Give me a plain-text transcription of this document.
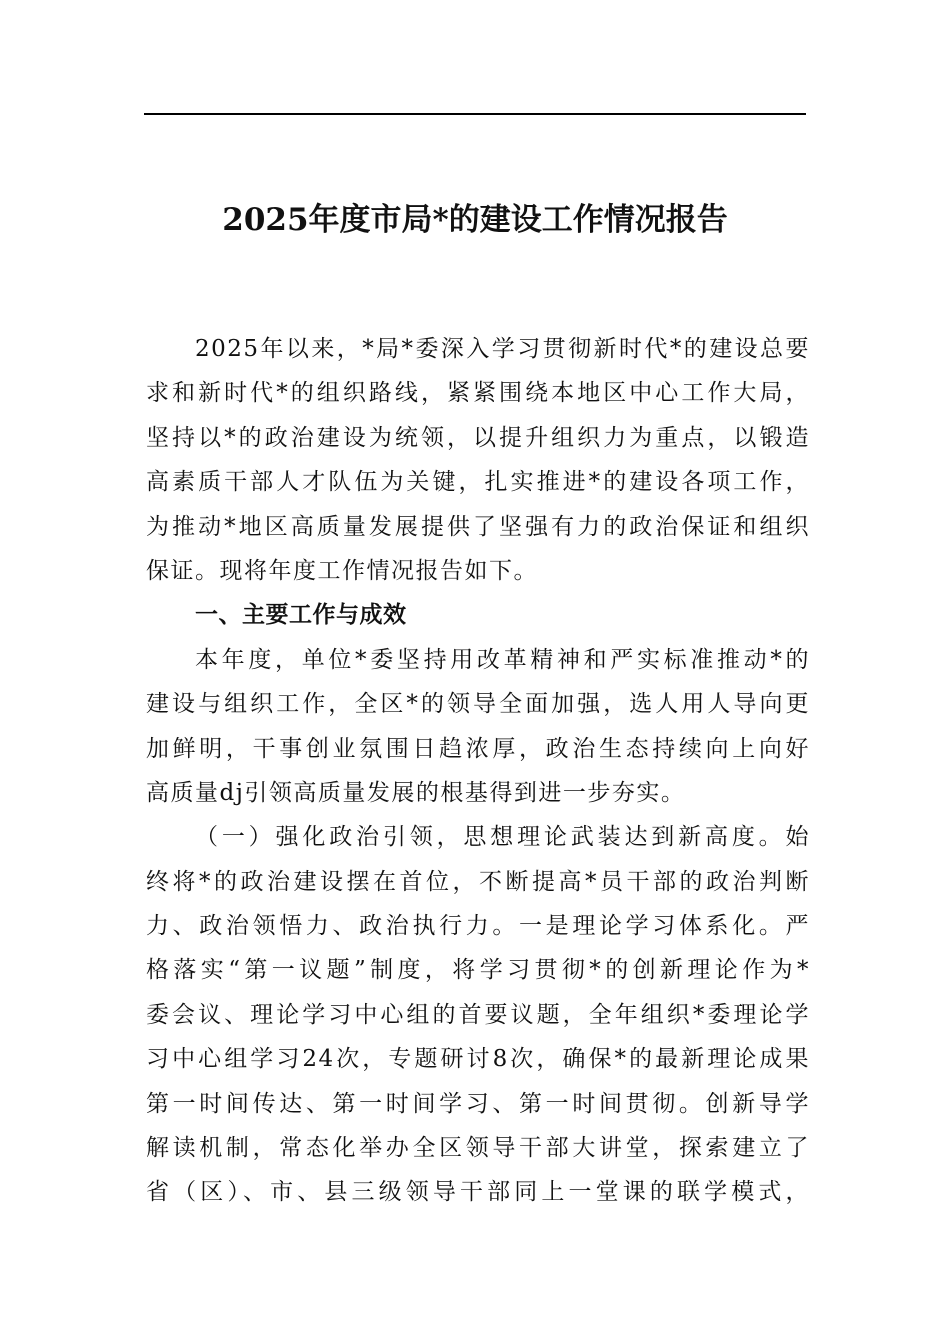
2025年度市局*的建设工作情况报告
2025年以来，*局*委深入学习贯彻新时代*的建设总要
求和新时代*的组织路线，紧紧围绕本地区中心工作大局，
坚持以*的政治建设为统领，以提升组织力为重点，以锻造
高素质干部人才队伍为关键，扎实推进*的建设各项工作，
为推动*地区高质量发展提供了坚强有力的政治保证和组织
保证。现将年度工作情况报告如下。
一、主要工作与成效
本年度，单位*委坚持用改革精神和严实标准推动*的
建设与组织工作，全区*的领导全面加强，选人用人导向更
加鲜明，干事创业氛围日趋浓厚，政治生态持续向上向好
高质量dj引领高质量发展的根基得到进一步夯实。
（一）强化政治引领，思想理论武装达到新高度。始
终将*的政治建设摆在首位，不断提高*员干部的政治判断
力、政治领悟力、政治执行力。一是理论学习体系化。严
格落实“第一议题”制度，将学习贯彻*的创新理论作为*
委会议、理论学习中心组的首要议题，全年组织*委理论学
习中心组学习24次，专题研讨8次，确保*的最新理论成果
第一时间传达、第一时间学习、第一时间贯彻。创新导学
解读机制，常态化举办全区领导干部大讲堂，探索建立了
省（区）、市、县三级领导干部同上一堂课的联学模式，
